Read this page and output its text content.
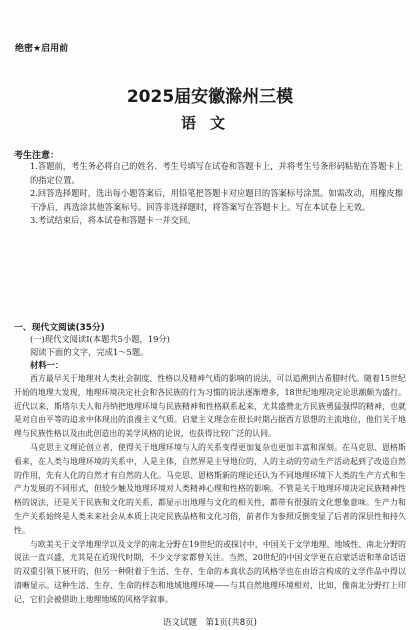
绝密★启用前
2025届安徽滁州三模
语文
考生注意：

1.答题前，考生务必将自己的姓名、考生号填写在试卷和答题卡上，并将考生号条形码粘贴在答题卡上的指定位置。

2.回答选择题时，选出每小题答案后，用铅笔把答题卡对应题目的答案标号涂黑。如需改动，用橡皮擦干净后，再选涂其他答案标号。回答非选择题时，将答案写在答题卡上。写在本试卷上无效。

3.考试结束后，将本试卷和答题卡一并交回。

一、现代文阅读(35分)

(一)现代文阅读Ⅰ(本题共5小题，19分)

阅读下面的文字，完成1～5题。

材料一：

西方最早关于地理对人类社会制度、性格以及精神气质的影响的说法，可以追溯到古希腊时代。随着15世纪开始的地理大发现，地理环境决定社会和各民族的行为习惯的说法逐渐增多，18世纪地理决定论思潮颇为盛行。近代以来，斯塔尔夫人和丹纳把地理环境与民族精神和性格联系起来，尤其盛赞北方民族勇猛强悍的精神，也就是对自由平等的追求中体现出的浪漫主义气质。启蒙主义理念在很长时期占据西方思想的主流地位，他们关于地理与民族性格以及由此创造出的美学风格的论说，也获得比较广泛的认同。

马克思主义理论创立者，使得关于地理环境与人的关系变得更加复杂也更加丰富和深刻。在马克思、恩格斯看来，在人类与地理环境的关系中，人是主体，自然界是主导地位的，人的主动的劳动生产活动起到了改造自然的作用，先有人化的自然才有自然的人化。马克思、恩格斯新的理论还认为不同地理环境下人类的生产方式和生产力发展的不同形式，但较少触及地理环境对人类精神心理和性格的影响。不管是关于地理环境决定民族精神性格的说法，还是关于民族和文化的关系，都显示出地理与文化的相关性，都带有很强的文化想象意味。生产力和生产关系始终是人类未来社会从本质上决定民族品格和文化习俗，前者作为参照反倒变显了后者的深层性和持久性。

与欧美关于文学地理学以及文学的南北分野在19世纪的或探讨中，中国关于文学地理、地域性、南北分野的说法一直兴盛，尤其是在近现代时期，不少文学家都曾关注。当然，20世纪的中国文学更在启蒙话语和革命话语的双重引领下展开的，但另一种附着于生活、生存、生命的本真状态的风格学也在由语言构成的文学作品中得以清晰显示。这种生活、生存、生命的样态和地域地理环境——与其自然地理环境相对，比如，像南北分野打上印记，它们会被借助上地理地域的风格学叙事。

语文试题　第1页(共8页)
